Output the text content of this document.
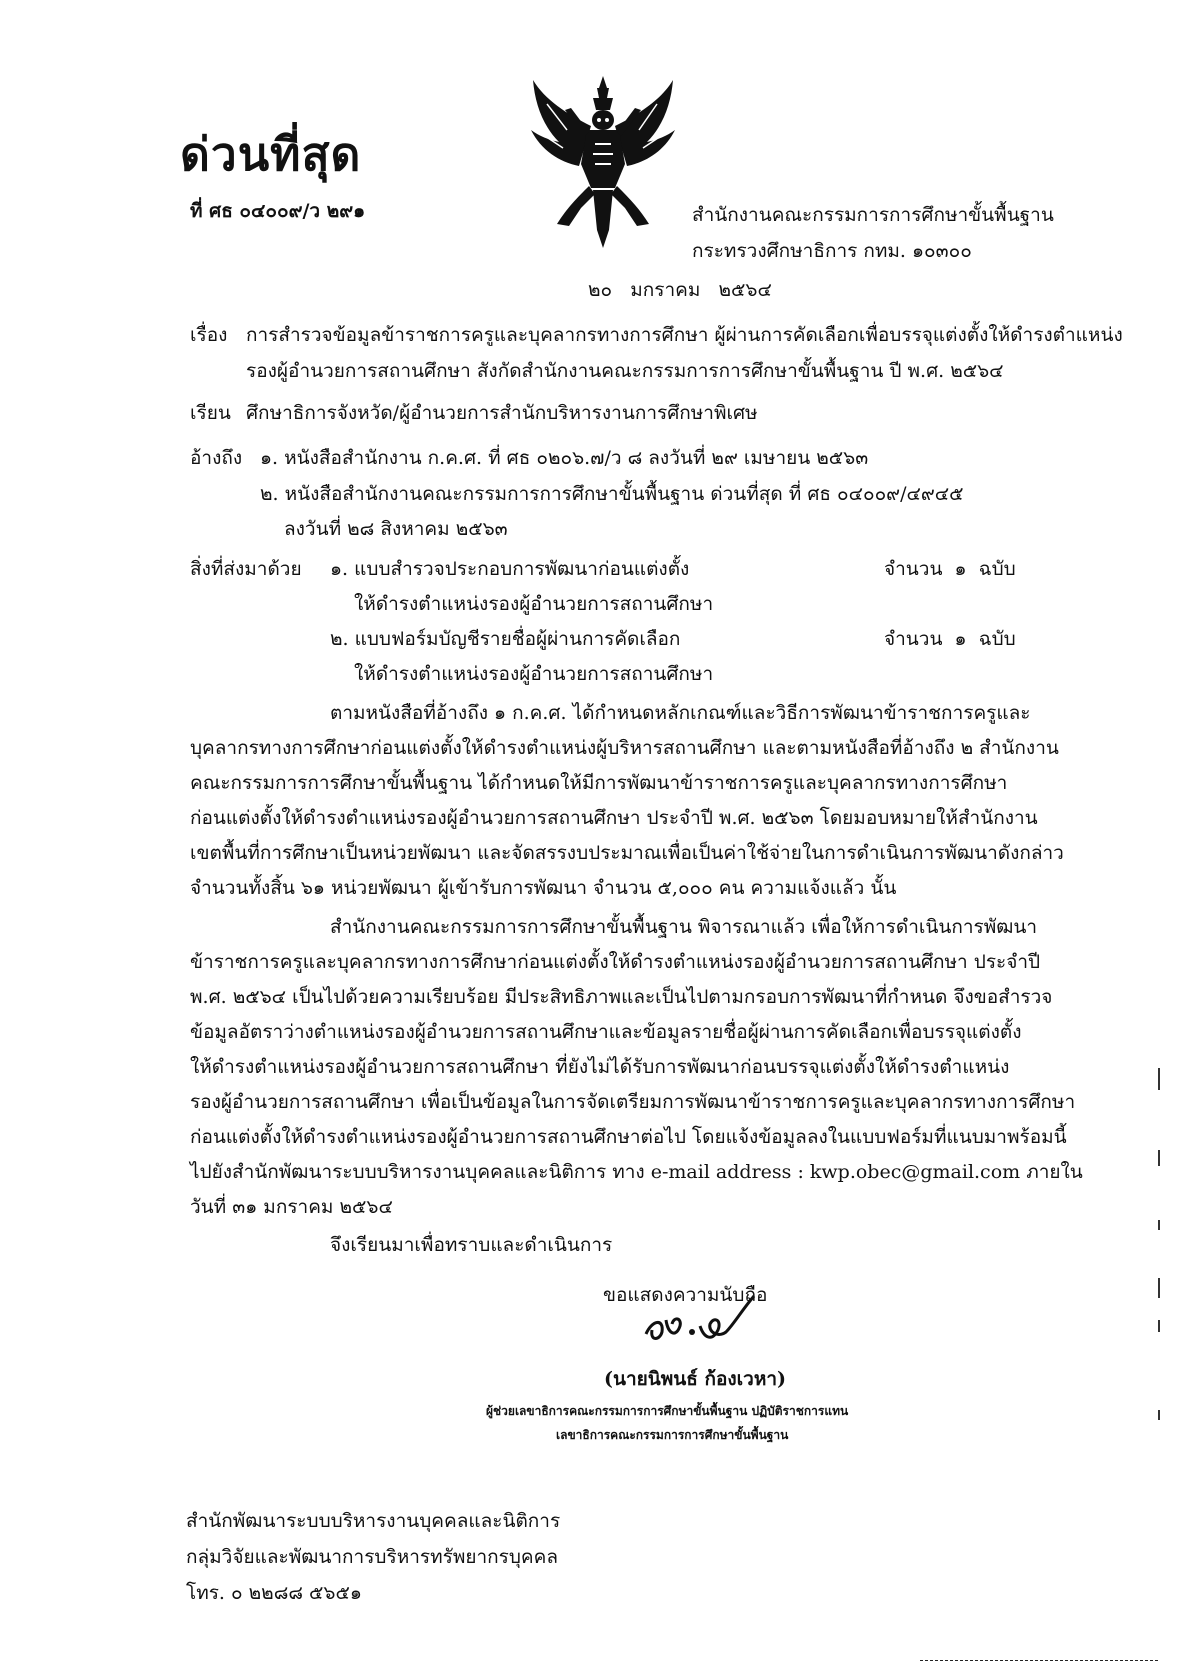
ด่วนที่สุด
ที่ ศธ ๐๔๐๐๙/ว ๒๙๑	สำนักงานคณะกรรมการการศึกษาขั้นพื้นฐาน
กระทรวงศึกษาธิการ กทม. ๑๐๓๐๐
๒๐   มกราคม   ๒๕๖๔
เรื่อง การสำรวจข้อมูลข้าราชการครูและบุคลากรทางการศึกษา ผู้ผ่านการคัดเลือกเพื่อบรรจุแต่งตั้งให้ดำรงตำแหน่ง
รองผู้อำนวยการสถานศึกษา สังกัดสำนักงานคณะกรรมการการศึกษาขั้นพื้นฐาน ปี พ.ศ. ๒๕๖๔
เรียน ศึกษาธิการจังหวัด/ผู้อำนวยการสำนักบริหารงานการศึกษาพิเศษ
อ้างถึง ๑. หนังสือสำนักงาน ก.ค.ศ. ที่ ศธ ๐๒๐๖.๗/ว ๘ ลงวันที่ ๒๙ เมษายน ๒๕๖๓
๒. หนังสือสำนักงานคณะกรรมการการศึกษาขั้นพื้นฐาน ด่วนที่สุด ที่ ศธ ๐๔๐๐๙/๔๙๔๕
ลงวันที่ ๒๘ สิงหาคม ๒๕๖๓
สิ่งที่ส่งมาด้วย ๑. แบบสำรวจประกอบการพัฒนาก่อนแต่งตั้ง
ให้ดำรงตำแหน่งรองผู้อำนวยการสถานศึกษา
จำนวน  ๑  ฉบับ
๒. แบบฟอร์มบัญชีรายชื่อผู้ผ่านการคัดเลือก
ให้ดำรงตำแหน่งรองผู้อำนวยการสถานศึกษา
จำนวน  ๑  ฉบับ
ตามหนังสือที่อ้างถึง ๑ ก.ค.ศ. ได้กำหนดหลักเกณฑ์และวิธีการพัฒนาข้าราชการครูและ
บุคลากรทางการศึกษาก่อนแต่งตั้งให้ดำรงตำแหน่งผู้บริหารสถานศึกษา และตามหนังสือที่อ้างถึง ๒ สำนักงาน
คณะกรรมการการศึกษาขั้นพื้นฐาน ได้กำหนดให้มีการพัฒนาข้าราชการครูและบุคลากรทางการศึกษา
ก่อนแต่งตั้งให้ดำรงตำแหน่งรองผู้อำนวยการสถานศึกษา ประจำปี พ.ศ. ๒๕๖๓ โดยมอบหมายให้สำนักงาน
เขตพื้นที่การศึกษาเป็นหน่วยพัฒนา และจัดสรรงบประมาณเพื่อเป็นค่าใช้จ่ายในการดำเนินการพัฒนาดังกล่าว
จำนวนทั้งสิ้น ๖๑ หน่วยพัฒนา ผู้เข้ารับการพัฒนา จำนวน ๕,๐๐๐ คน ความแจ้งแล้ว นั้น
สำนักงานคณะกรรมการการศึกษาขั้นพื้นฐาน พิจารณาแล้ว เพื่อให้การดำเนินการพัฒนา
ข้าราชการครูและบุคลากรทางการศึกษาก่อนแต่งตั้งให้ดำรงตำแหน่งรองผู้อำนวยการสถานศึกษา ประจำปี
พ.ศ. ๒๕๖๔ เป็นไปด้วยความเรียบร้อย มีประสิทธิภาพและเป็นไปตามกรอบการพัฒนาที่กำหนด จึงขอสำรวจ
ข้อมูลอัตราว่างตำแหน่งรองผู้อำนวยการสถานศึกษาและข้อมูลรายชื่อผู้ผ่านการคัดเลือกเพื่อบรรจุแต่งตั้ง
ให้ดำรงตำแหน่งรองผู้อำนวยการสถานศึกษา ที่ยังไม่ได้รับการพัฒนาก่อนบรรจุแต่งตั้งให้ดำรงตำแหน่ง
รองผู้อำนวยการสถานศึกษา เพื่อเป็นข้อมูลในการจัดเตรียมการพัฒนาข้าราชการครูและบุคลากรทางการศึกษา
ก่อนแต่งตั้งให้ดำรงตำแหน่งรองผู้อำนวยการสถานศึกษาต่อไป โดยแจ้งข้อมูลลงในแบบฟอร์มที่แนบมาพร้อมนี้
ไปยังสำนักพัฒนาระบบบริหารงานบุคคลและนิติการ ทาง e-mail address : kwp.obec@gmail.com ภายใน
วันที่ ๓๑ มกราคม ๒๕๖๔
จึงเรียนมาเพื่อทราบและดำเนินการ
ขอแสดงความนับถือ
(นายนิพนธ์ ก้องเวหา)
ผู้ช่วยเลขาธิการคณะกรรมการการศึกษาขั้นพื้นฐาน ปฏิบัติราชการแทน
เลขาธิการคณะกรรมการการศึกษาขั้นพื้นฐาน
สำนักพัฒนาระบบบริหารงานบุคคลและนิติการ
กลุ่มวิจัยและพัฒนาการบริหารทรัพยากรบุคคล
โทร. ๐ ๒๒๘๘ ๕๖๕๑
